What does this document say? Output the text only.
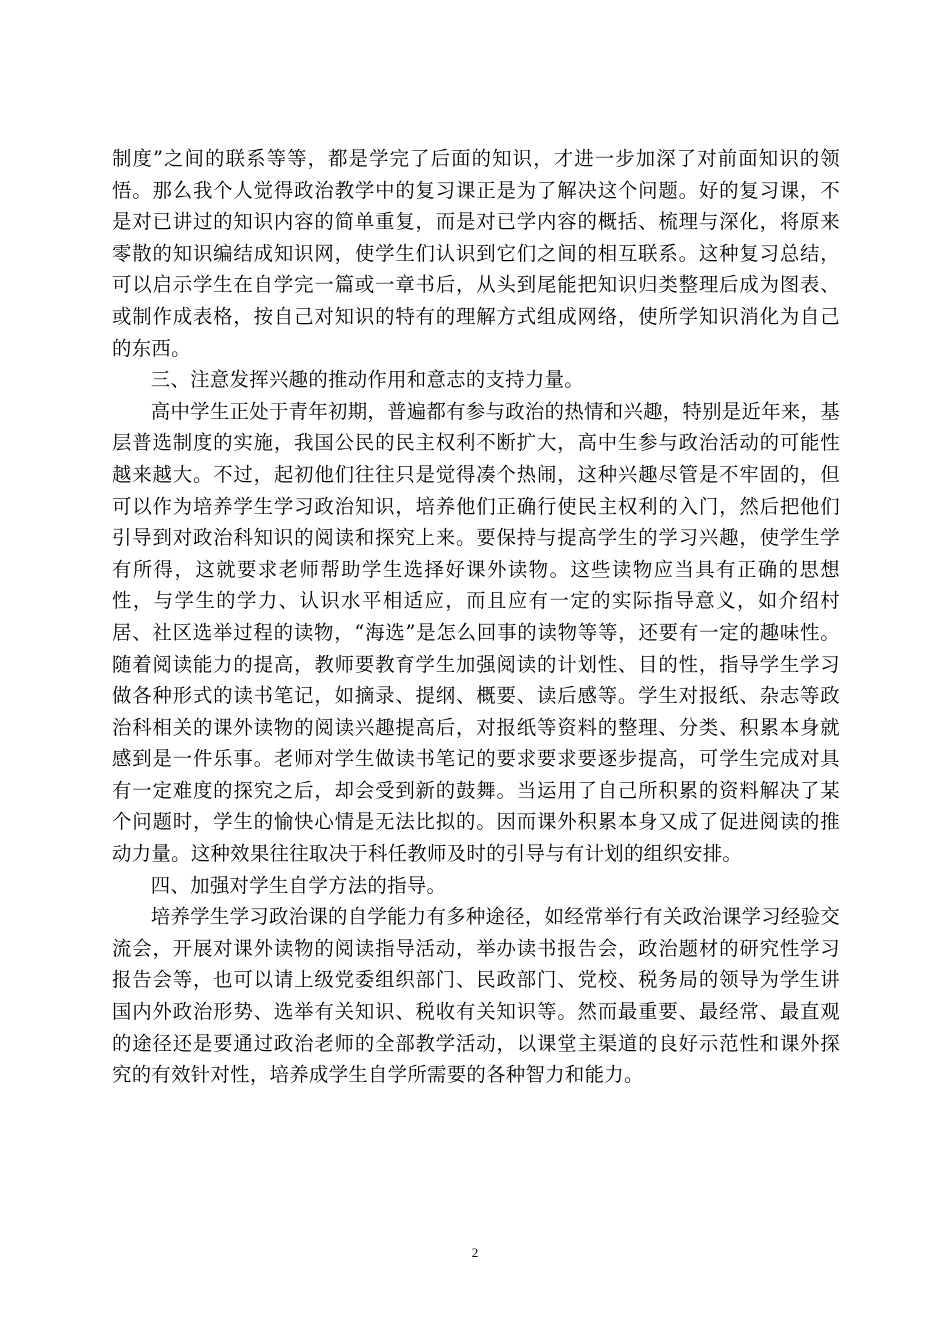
制度”之间的联系等等，都是学完了后面的知识，才进一步加深了对前面知识的领悟。那么我个人觉得政治教学中的复习课正是为了解决这个问题。好的复习课，不是对已讲过的知识内容的简单重复，而是对已学内容的概括、梳理与深化，将原来零散的知识编结成知识网，使学生们认识到它们之间的相互联系。这种复习总结，可以启示学生在自学完一篇或一章书后，从头到尾能把知识归类整理后成为图表、或制作成表格，按自己对知识的特有的理解方式组成网络，使所学知识消化为自己的东西。

三、注意发挥兴趣的推动作用和意志的支持力量。

高中学生正处于青年初期，普遍都有参与政治的热情和兴趣，特别是近年来，基层普选制度的实施，我国公民的民主权利不断扩大，高中生参与政治活动的可能性越来越大。不过，起初他们往往只是觉得凑个热闹，这种兴趣尽管是不牢固的，但可以作为培养学生学习政治知识，培养他们正确行使民主权利的入门，然后把他们引导到对政治科知识的阅读和探究上来。要保持与提高学生的学习兴趣，使学生学有所得，这就要求老师帮助学生选择好课外读物。这些读物应当具有正确的思想性，与学生的学力、认识水平相适应，而且应有一定的实际指导意义，如介绍村居、社区选举过程的读物，“海选”是怎么回事的读物等等，还要有一定的趣味性。随着阅读能力的提高，教师要教育学生加强阅读的计划性、目的性，指导学生学习做各种形式的读书笔记，如摘录、提纲、概要、读后感等。学生对报纸、杂志等政治科相关的课外读物的阅读兴趣提高后，对报纸等资料的整理、分类、积累本身就感到是一件乐事。老师对学生做读书笔记的要求要求要逐步提高，可学生完成对具有一定难度的探究之后，却会受到新的鼓舞。当运用了自己所积累的资料解决了某个问题时，学生的愉快心情是无法比拟的。因而课外积累本身又成了促进阅读的推动力量。这种效果往往取决于科任教师及时的引导与有计划的组织安排。

四、加强对学生自学方法的指导。

培养学生学习政治课的自学能力有多种途径，如经常举行有关政治课学习经验交流会，开展对课外读物的阅读指导活动，举办读书报告会，政治题材的研究性学习报告会等，也可以请上级党委组织部门、民政部门、党校、税务局的领导为学生讲国内外政治形势、选举有关知识、税收有关知识等。然而最重要、最经常、最直观的途径还是要通过政治老师的全部教学活动，以课堂主渠道的良好示范性和课外探究的有效针对性，培养成学生自学所需要的各种智力和能力。

2
